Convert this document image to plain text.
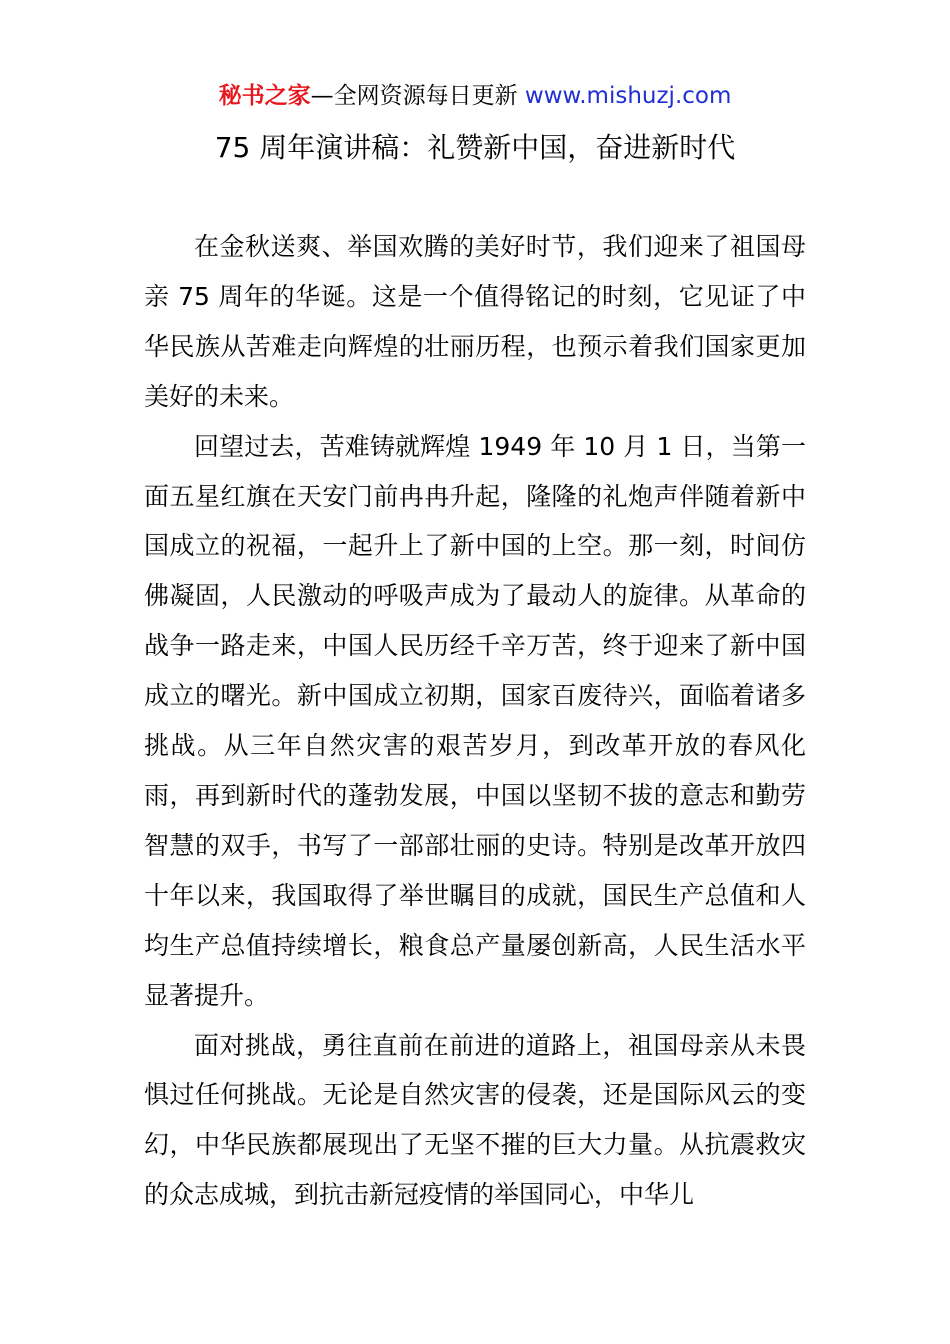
秘书之家—全网资源每日更新 www.mishuzj.com
75 周年演讲稿：礼赞新中国，奋进新时代

在金秋送爽、举国欢腾的美好时节，我们迎来了祖国母亲 75 周年的华诞。这是一个值得铭记的时刻，它见证了中华民族从苦难走向辉煌的壮丽历程，也预示着我们国家更加美好的未来。

回望过去，苦难铸就辉煌 1949 年 10 月 1 日，当第一面五星红旗在天安门前冉冉升起，隆隆的礼炮声伴随着新中国成立的祝福，一起升上了新中国的上空。那一刻，时间仿佛凝固，人民激动的呼吸声成为了最动人的旋律。从革命的战争一路走来，中国人民历经千辛万苦，终于迎来了新中国成立的曙光。新中国成立初期，国家百废待兴，面临着诸多挑战。从三年自然灾害的艰苦岁月，到改革开放的春风化雨，再到新时代的蓬勃发展，中国以坚韧不拔的意志和勤劳智慧的双手，书写了一部部壮丽的史诗。特别是改革开放四十年以来，我国取得了举世瞩目的成就，国民生产总值和人均生产总值持续增长，粮食总产量屡创新高，人民生活水平显著提升。

面对挑战，勇往直前在前进的道路上，祖国母亲从未畏惧过任何挑战。无论是自然灾害的侵袭，还是国际风云的变幻，中华民族都展现出了无坚不摧的巨大力量。从抗震救灾的众志成城，到抗击新冠疫情的举国同心，中华儿
